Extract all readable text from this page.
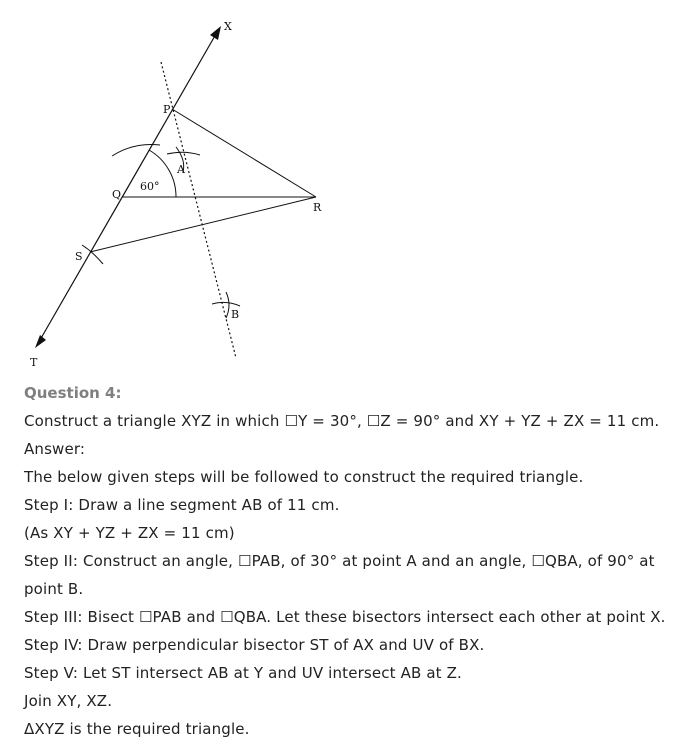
X
P
A
Q
60°
R
S
B
T
Question 4:
Construct a triangle XYZ in which ☐Y = 30°, ☐Z = 90° and XY + YZ + ZX = 11 cm.
Answer:
The below given steps will be followed to construct the required triangle.
Step I: Draw a line segment AB of 11 cm.
(As XY + YZ + ZX = 11 cm)
Step II: Construct an angle, ☐PAB, of 30° at point A and an angle, ☐QBA, of 90° at
point B.
Step III: Bisect ☐PAB and ☐QBA. Let these bisectors intersect each other at point X.
Step IV: Draw perpendicular bisector ST of AX and UV of BX.
Step V: Let ST intersect AB at Y and UV intersect AB at Z.
Join XY, XZ.
ΔXYZ is the required triangle.
